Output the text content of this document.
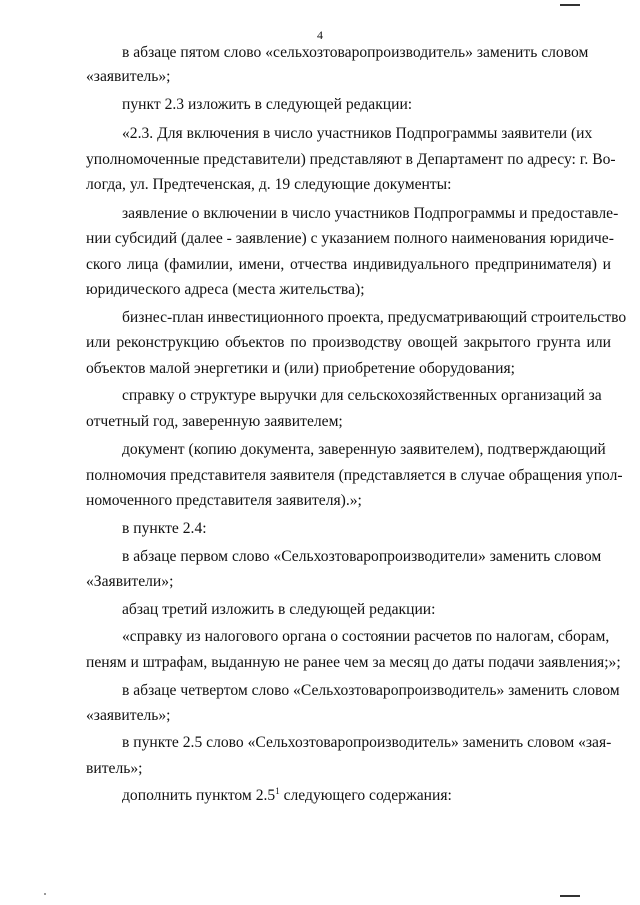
4
в абзаце пятом слово «сельхозтоваропроизводитель» заменить словом
«заявитель»;
пункт 2.3 изложить в следующей редакции:
«2.3. Для включения в число участников Подпрограммы заявители (их
уполномоченные представители) представляют в Департамент по адресу: г. Во-
логда, ул. Предтеченская, д. 19 следующие документы:
заявление о включении в число участников Подпрограммы и предоставле-
нии субсидий (далее - заявление) с указанием полного наименования юридиче-
ского лица (фамилии, имени, отчества индивидуального предпринимателя) и
юридического адреса (места жительства);
бизнес-план инвестиционного проекта, предусматривающий строительство
или реконструкцию объектов по производству овощей закрытого грунта или
объектов малой энергетики и (или) приобретение оборудования;
справку о структуре выручки для сельскохозяйственных организаций за
отчетный год, заверенную заявителем;
документ (копию документа, заверенную заявителем), подтверждающий
полномочия представителя заявителя (представляется в случае обращения упол-
номоченного представителя заявителя).»;
в пункте 2.4:
в абзаце первом слово «Сельхозтоваропроизводители» заменить словом
«Заявители»;
абзац третий изложить в следующей редакции:
«справку из налогового органа о состоянии расчетов по налогам, сборам,
пеням и штрафам, выданную не ранее чем за месяц до даты подачи заявления;»;
в абзаце четвертом слово «Сельхозтоваропроизводитель» заменить словом
«заявитель»;
в пункте 2.5 слово «Сельхозтоваропроизводитель» заменить словом «зая-
витель»;
дополнить пунктом $2.5^1$ следующего содержания:
